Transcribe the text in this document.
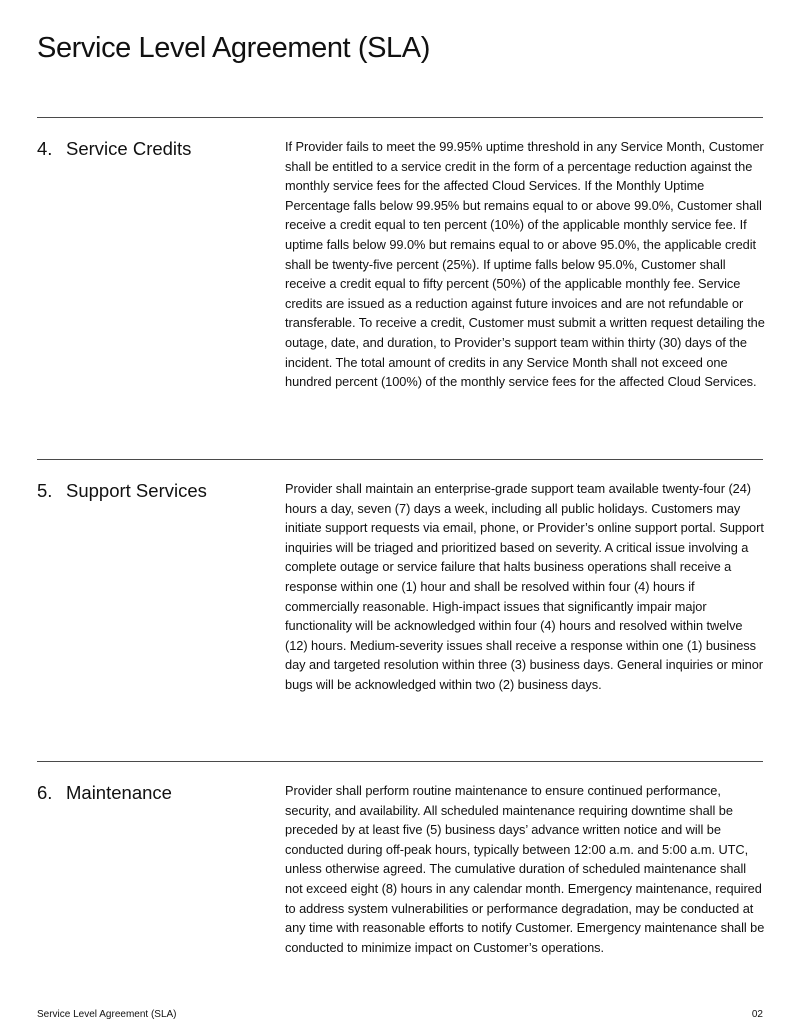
Service Level Agreement (SLA)
4. Service Credits	If Provider fails to meet the 99.95% uptime threshold in any Service Month, Customer shall be entitled to a service credit in the form of a percentage reduction against the monthly service fees for the affected Cloud Services. If the Monthly Uptime Percentage falls below 99.95% but remains equal to or above 99.0%, Customer shall receive a credit equal to ten percent (10%) of the applicable monthly service fee. If uptime falls below 99.0% but remains equal to or above 95.0%, the applicable credit shall be twenty-five percent (25%). If uptime falls below 95.0%, Customer shall receive a credit equal to fifty percent (50%) of the applicable monthly fee. Service credits are issued as a reduction against future invoices and are not refundable or transferable. To receive a credit, Customer must submit a written request detailing the outage, date, and duration, to Provider’s support team within thirty (30) days of the incident. The total amount of credits in any Service Month shall not exceed one hundred percent (100%) of the monthly service fees for the affected Cloud Services.

5. Support Services	Provider shall maintain an enterprise-grade support team available twenty-four (24) hours a day, seven (7) days a week, including all public holidays. Customers may initiate support requests via email, phone, or Provider’s online support portal. Support inquiries will be triaged and prioritized based on severity. A critical issue involving a complete outage or service failure that halts business operations shall receive a response within one (1) hour and shall be resolved within four (4) hours if commercially reasonable. High-impact issues that significantly impair major functionality will be acknowledged within four (4) hours and resolved within twelve (12) hours. Medium-severity issues shall receive a response within one (1) business day and targeted resolution within three (3) business days. General inquiries or minor bugs will be acknowledged within two (2) business days.

6. Maintenance	Provider shall perform routine maintenance to ensure continued performance, security, and availability. All scheduled maintenance requiring downtime shall be preceded by at least five (5) business days’ advance written notice and will be conducted during off-peak hours, typically between 12:00 a.m. and 5:00 a.m. UTC, unless otherwise agreed. The cumulative duration of scheduled maintenance shall not exceed eight (8) hours in any calendar month. Emergency maintenance, required to address system vulnerabilities or performance degradation, may be conducted at any time with reasonable efforts to notify Customer. Emergency maintenance shall be conducted to minimize impact on Customer’s operations.

Service Level Agreement (SLA)	02
